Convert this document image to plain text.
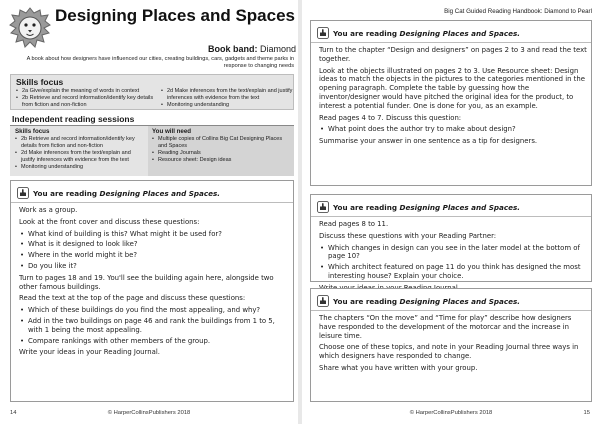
Designing Places and Spaces
Book band: Diamond
A book about how designers have influenced our cities, creating buildings, cars, gadgets and theme parks in response to changing needs
Skills focus
• 2a Give/explain the meaning of words in context
• 2b Retrieve and record information/identify key details from fiction and non-fiction
• 2d Make inferences from the text/explain and justify inferences with evidence from the text
• Monitoring understanding
Independent reading sessions
Skills focus
• 2b Retrieve and record information/identify key details from fiction and non-fiction
• 2d Make inferences from the text/explain and justify inferences with evidence from the text
• Monitoring understanding
You will need
• Multiple copies of Collins Big Cat Designing Places and Spaces
• Reading Journals
• Resource sheet: Design ideas
You are reading Designing Places and Spaces.

Work as a group.

Look at the front cover and discuss these questions:

• What kind of building is this? What might it be used for?
• What is it designed to look like?
• Where in the world might it be?
• Do you like it?

Turn to pages 18 and 19. You'll see the building again here, alongside two other famous buildings.

Read the text at the top of the page and discuss these questions:

• Which of these buildings do you find the most appealing, and why?
• Add in the two buildings on page 46 and rank the buildings from 1 to 5, with 1 being the most appealing.
• Compare rankings with other members of the group.

Write your ideas in your Reading Journal.

14	© HarperCollinsPublishers 2018
Big Cat Guided Reading Handbook: Diamond to Pearl
You are reading Designing Places and Spaces.

Turn to the chapter “Design and designers” on pages 2 to 3 and read the text together.

Look at the objects illustrated on pages 2 to 3. Use Resource sheet: Design ideas to match the objects in the pictures to the categories mentioned in the opening paragraph. Complete the table by guessing how the inventor/designer would have pitched the original idea for the product, to interest a potential funder. One is done for you, as an example.

Read pages 4 to 7. Discuss this question:

• What point does the author try to make about design?

Summarise your answer in one sentence as a tip for designers.

You are reading Designing Places and Spaces.

Read pages 8 to 11.

Discuss these questions with your Reading Partner:

• Which changes in design can you see in the later model at the bottom of page 10?
• Which architect featured on page 11 do you think has designed the most interesting house? Explain your choice.

You are reading Designing Places and Spaces.

The chapters “On the move” and “Time for play” describe how designers have responded to the development of the motorcar and the increase in leisure time.

Choose one of these topics, and note in your Reading Journal three ways in which designers have responded to change.

Share what you have written with your group.

© HarperCollinsPublishers 2018	15
